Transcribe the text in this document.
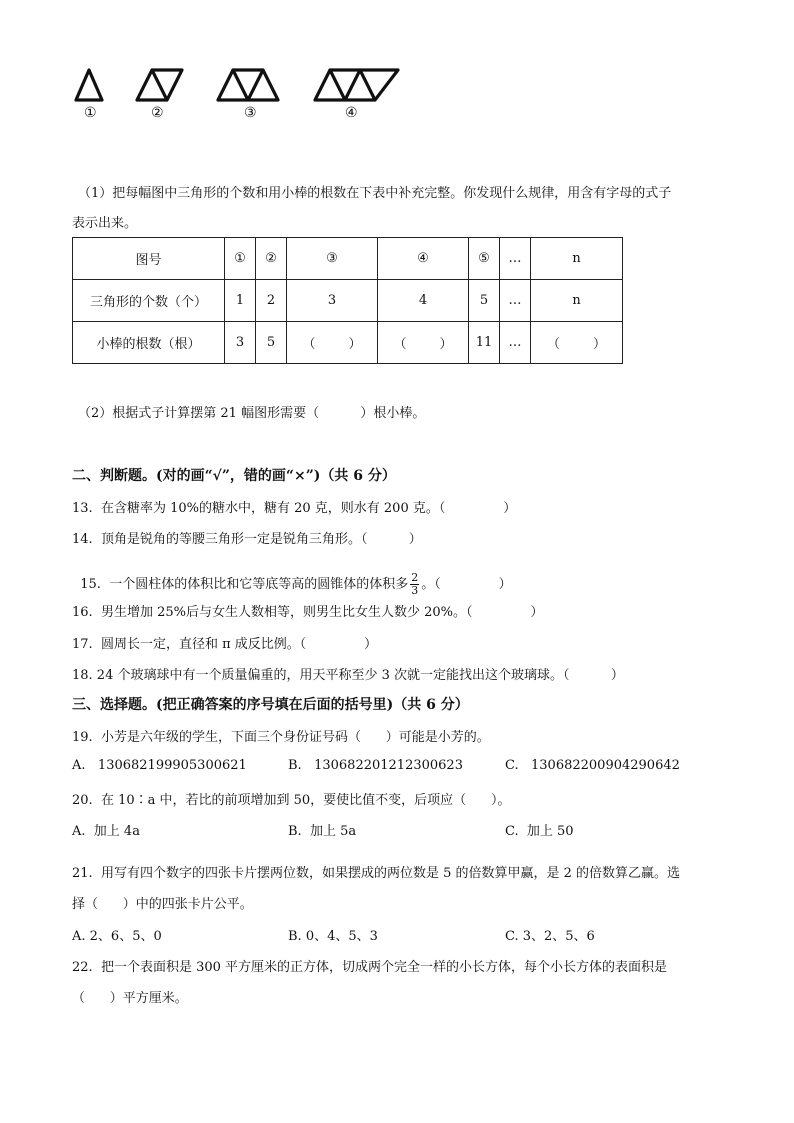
①	②	③	④
（1）把每幅图中三角形的个数和用小棒的根数在下表中补充完整。你发现什么规律，用含有字母的式子
表示出来。
图号	①	②	③	④	⑤	…	n
三角形的个数（个）	1	2	3	4	5	…	n
小棒的根数（根）	3	5	（        ）	（        ）	11	…	（        ）
（2）根据式子计算摆第 21 幅图形需要（          ）根小棒。
二、判断题。(对的画“√”，错的画“×”)（共 6 分）
13.  在含糖率为 10%的糖水中，糖有 20 克，则水有 200 克。（              ）
14.  顶角是锐角的等腰三角形一定是锐角三角形。（          ）

15.  一个圆柱体的体积比和它等底等高的圆锥体的体积多 $\frac{2}{3}$ 。（              ）

16.  男生增加 25%后与女生人数相等，则男生比女生人数少 20%。（              ）
17.  圆周长一定，直径和 π 成反比例。（              ）
18. 24 个玻璃球中有一个质量偏重的，用天平称至少 3 次就一定能找出这个玻璃球。（          ）
三、选择题。(把正确答案的序号填在后面的括号里)（共 6 分）
19.  小芳是六年级的学生，下面三个身份证号码（      ）可能是小芳的。
A.   130682199905300621	B.   130682201212300623	C.   130682200904290642
20.  在 10∶a 中，若比的前项增加到 50，要使比值不变，后项应（      ）。
A.  加上 4a	B.  加上 5a	C.  加上 50
21.  用写有四个数字的四张卡片摆两位数，如果摆成的两位数是 5 的倍数算甲赢，是 2 的倍数算乙赢。选
择（      ）中的四张卡片公平。
A. 2、6、5、0	B. 0、4、5、3	C. 3、2、5、6
22.  把一个表面积是 300 平方厘米的正方体，切成两个完全一样的小长方体，每个小长方体的表面积是
（      ）平方厘米。
